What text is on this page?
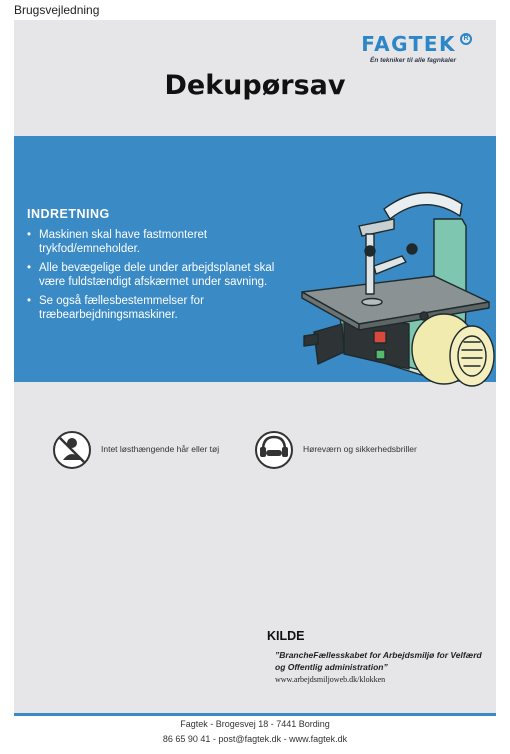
Brugsvejledning
FAGTEK	R
Én tekniker til alle fagnkaler
Dekupørsav
INDRETNING
• Maskinen skal have fastmonteret trykfod/emneholder.
• Alle bevægelige dele under arbejdsplanet skal være fuldstændigt afskærmet under savning.
• Se også fællesbestemmelser for træbearbejdningsmaskiner.
Intet løsthængende hår eller tøj	Høreværn og sikkerhedsbriller
KILDE
”BrancheFællesskabet for Arbejdsmiljø for Velfærd og Offentlig administration”
www.arbejdsmiljoweb.dk/klokken
Fagtek - Brogesvej 18 - 7441 Bording
86 65 90 41 - post@fagtek.dk - www.fagtek.dk
